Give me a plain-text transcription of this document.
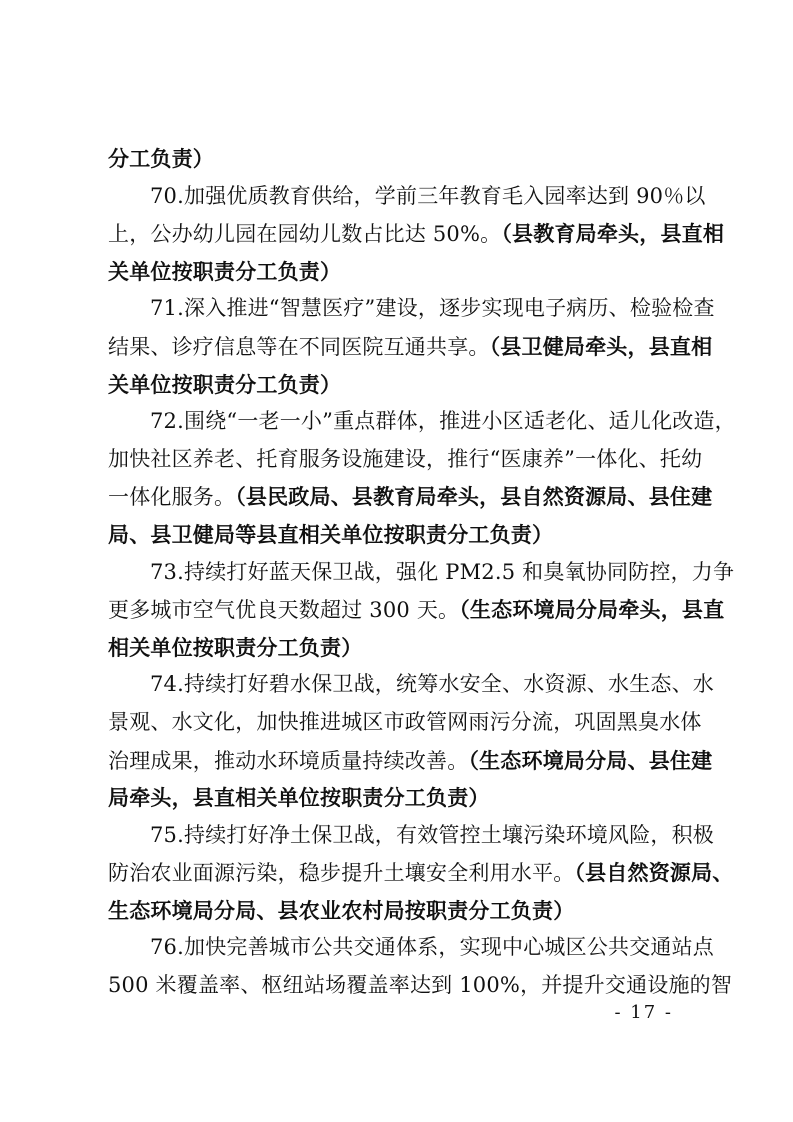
分工负责）
70.加强优质教育供给，学前三年教育毛入园率达到 90％以
上，公办幼儿园在园幼儿数占比达 50%。（县教育局牵头，县直相
关单位按职责分工负责）
71.深入推进“智慧医疗”建设，逐步实现电子病历、检验检查
结果、诊疗信息等在不同医院互通共享。（县卫健局牵头，县直相
关单位按职责分工负责）
72.围绕“一老一小”重点群体，推进小区适老化、适儿化改造，
加快社区养老、托育服务设施建设，推行“医康养”一体化、托幼
一体化服务。（县民政局、县教育局牵头，县自然资源局、县住建
局、县卫健局等县直相关单位按职责分工负责）
73.持续打好蓝天保卫战，强化 PM2.5 和臭氧协同防控，力争
更多城市空气优良天数超过 300 天。（生态环境局分局牵头，县直
相关单位按职责分工负责）
74.持续打好碧水保卫战，统筹水安全、水资源、水生态、水
景观、水文化，加快推进城区市政管网雨污分流，巩固黑臭水体
治理成果，推动水环境质量持续改善。（生态环境局分局、县住建
局牵头，县直相关单位按职责分工负责）
75.持续打好净土保卫战，有效管控土壤污染环境风险，积极
防治农业面源污染，稳步提升土壤安全利用水平。（县自然资源局、
生态环境局分局、县农业农村局按职责分工负责）
76.加快完善城市公共交通体系，实现中心城区公共交通站点
500 米覆盖率、枢纽站场覆盖率达到 100%，并提升交通设施的智
- 17 -
